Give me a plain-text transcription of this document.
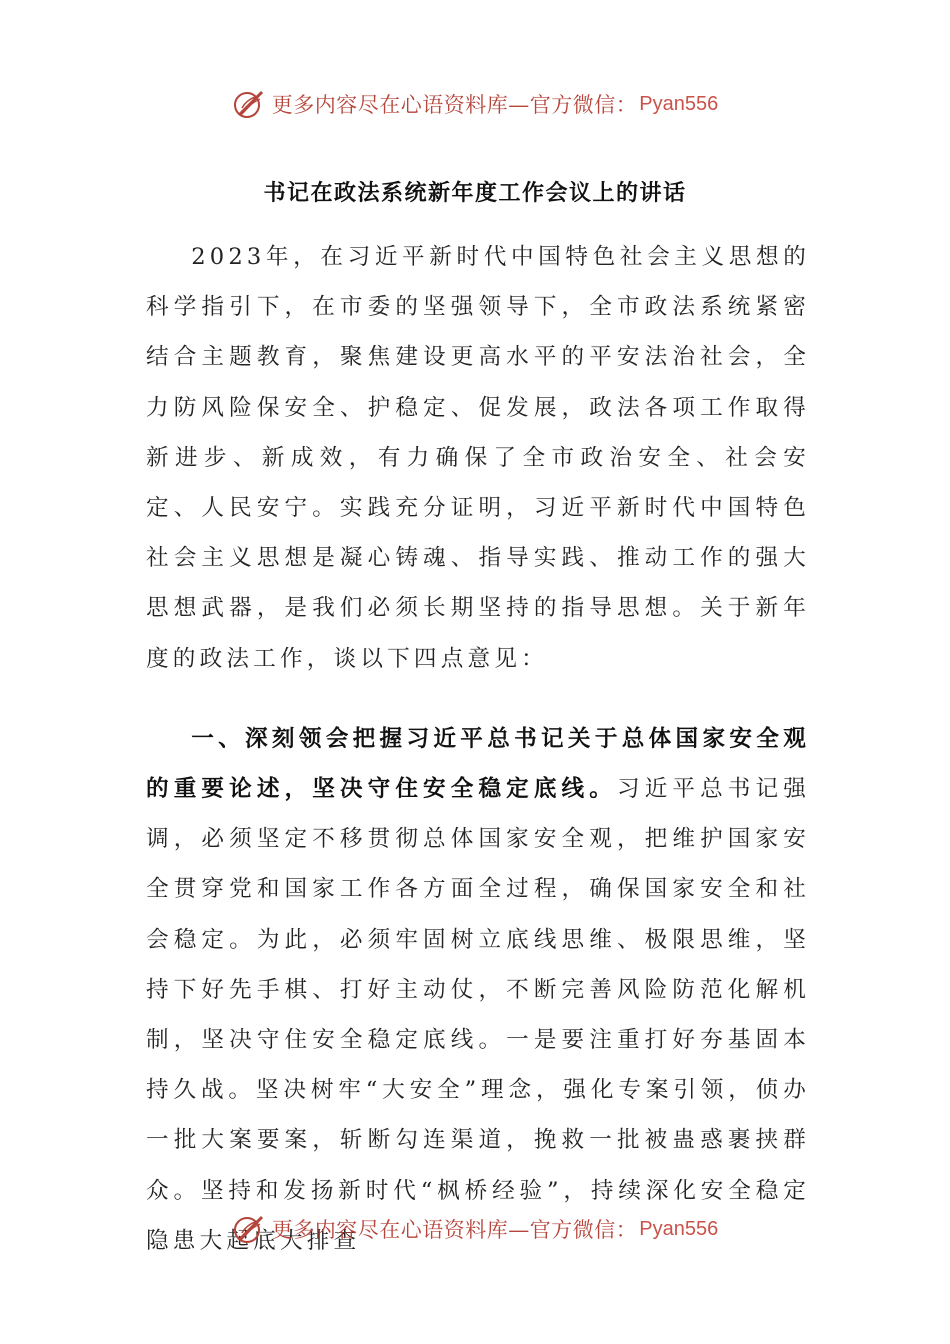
更多内容尽在心语资料库—官方微信： Pyan556
书记在政法系统新年度工作会议上的讲话

2023年，在习近平新时代中国特色社会主义思想的科学指引下，在市委的坚强领导下，全市政法系统紧密结合主题教育，聚焦建设更高水平的平安法治社会，全力防风险保安全、护稳定、促发展，政法各项工作取得新进步、新成效，有力确保了全市政治安全、社会安定、人民安宁。实践充分证明，习近平新时代中国特色社会主义思想是凝心铸魂、指导实践、推动工作的强大思想武器，是我们必须长期坚持的指导思想。关于新年度的政法工作，谈以下四点意见：

一、深刻领会把握习近平总书记关于总体国家安全观的重要论述，坚决守住安全稳定底线。习近平总书记强调，必须坚定不移贯彻总体国家安全观，把维护国家安全贯穿党和国家工作各方面全过程，确保国家安全和社会稳定。为此，必须牢固树立底线思维、极限思维，坚持下好先手棋、打好主动仗，不断完善风险防范化解机制，坚决守住安全稳定底线。一是要注重打好夯基固本持久战。坚决树牢“大安全”理念，强化专案引领，侦办一批大案要案，斩断勾连渠道，挽救一批被蛊惑裹挟群众。坚持和发扬新时代“枫桥经验”，持续深化安全稳定隐患大起底大排查

更多内容尽在心语资料库—官方微信： Pyan556
